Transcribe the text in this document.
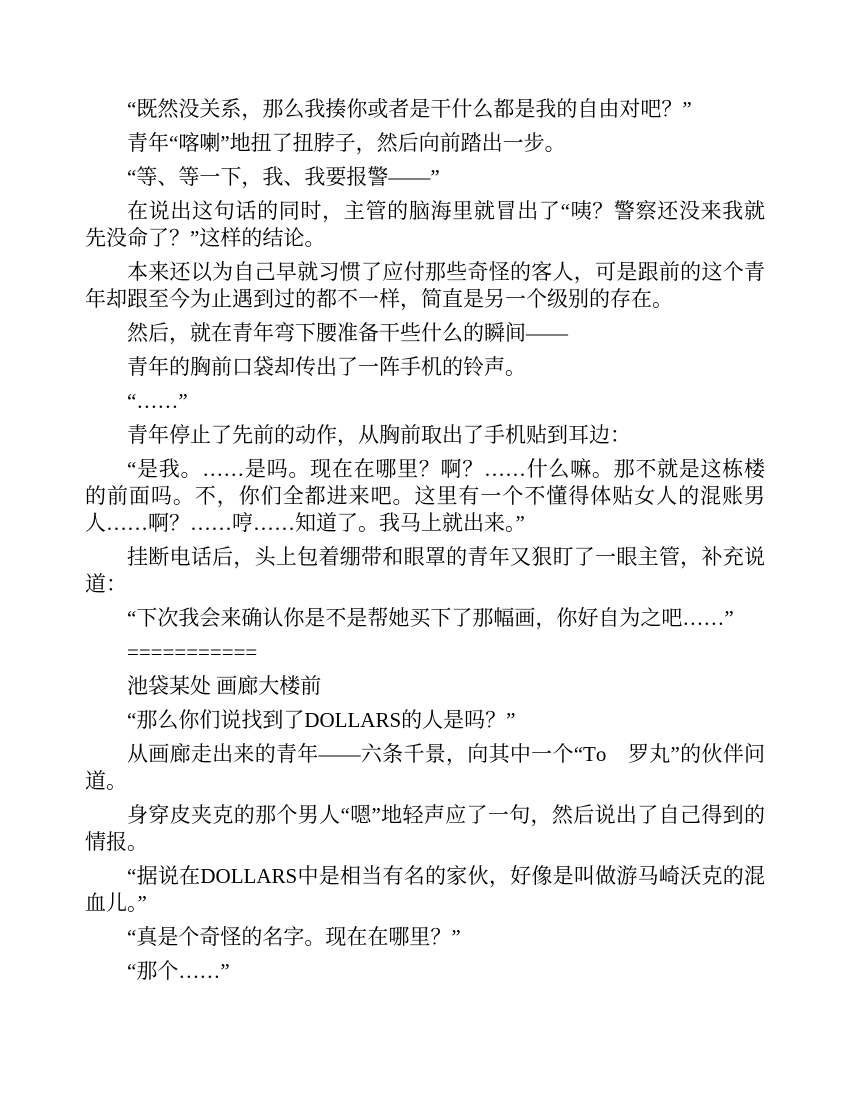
“既然没关系，那么我揍你或者是干什么都是我的自由对吧？”

青年“喀喇”地扭了扭脖子，然后向前踏出一步。

“等、等一下，我、我要报警——”

在说出这句话的同时，主管的脑海里就冒出了“咦？警察还没来我就先没命了？”这样的结论。

本来还以为自己早就习惯了应付那些奇怪的客人，可是跟前的这个青年却跟至今为止遇到过的都不一样，简直是另一个级别的存在。

然后，就在青年弯下腰准备干些什么的瞬间——

青年的胸前口袋却传出了一阵手机的铃声。

“……”

青年停止了先前的动作，从胸前取出了手机贴到耳边：

“是我。……是吗。现在在哪里？啊？……什么嘛。那不就是这栋楼的前面吗。不，你们全都进来吧。这里有一个不懂得体贴女人的混账男人……啊？……哼……知道了。我马上就出来。”

挂断电话后，头上包着绷带和眼罩的青年又狠盯了一眼主管，补充说道：

“下次我会来确认你是不是帮她买下了那幅画，你好自为之吧……”

===========

池袋某处 画廊大楼前

“那么你们说找到了DOLLARS的人是吗？”

从画廊走出来的青年——六条千景，向其中一个“To　罗丸”的伙伴问道。

身穿皮夹克的那个男人“嗯”地轻声应了一句，然后说出了自己得到的情报。

“据说在DOLLARS中是相当有名的家伙，好像是叫做游马崎沃克的混血儿。”

“真是个奇怪的名字。现在在哪里？”

“那个……”
